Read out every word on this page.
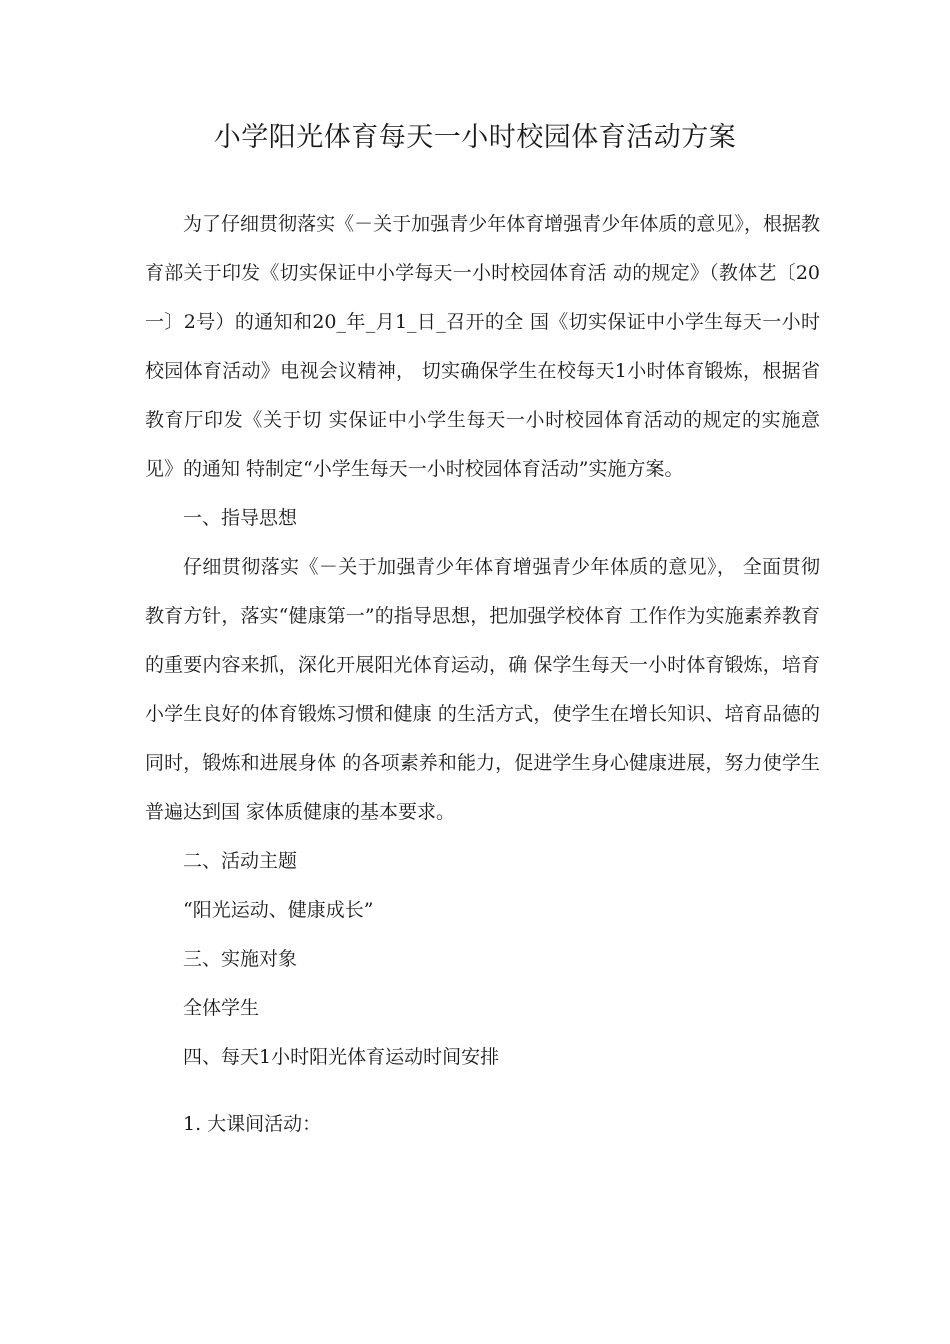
小学阳光体育每天一小时校园体育活动方案

为了仔细贯彻落实《－关于加强青少年体育增强青少年体质的意见》，根据教育部关于印发《切实保证中小学每天一小时校园体育活 动的规定》（教体艺〔20一〕2号）的通知和20_年_月1_日_召开的全 国《切实保证中小学生每天一小时校园体育活动》电视会议精神， 切实确保学生在校每天1小时体育锻炼，根据省教育厅印发《关于切 实保证中小学生每天一小时校园体育活动的规定的实施意见》的通知 特制定“小学生每天一小时校园体育活动”实施方案。

一、指导思想

仔细贯彻落实《－关于加强青少年体育增强青少年体质的意见》， 全面贯彻教育方针，落实“健康第一”的指导思想，把加强学校体育 工作作为实施素养教育的重要内容来抓，深化开展阳光体育运动，确 保学生每天一小时体育锻炼，培育小学生良好的体育锻炼习惯和健康 的生活方式，使学生在增长知识、培育品德的同时，锻炼和进展身体 的各项素养和能力，促进学生身心健康进展，努力使学生普遍达到国 家体质健康的基本要求。

二、活动主题

“阳光运动、健康成长”

三、实施对象

全体学生

四、每天1小时阳光体育运动时间安排

1. 大课间活动：
